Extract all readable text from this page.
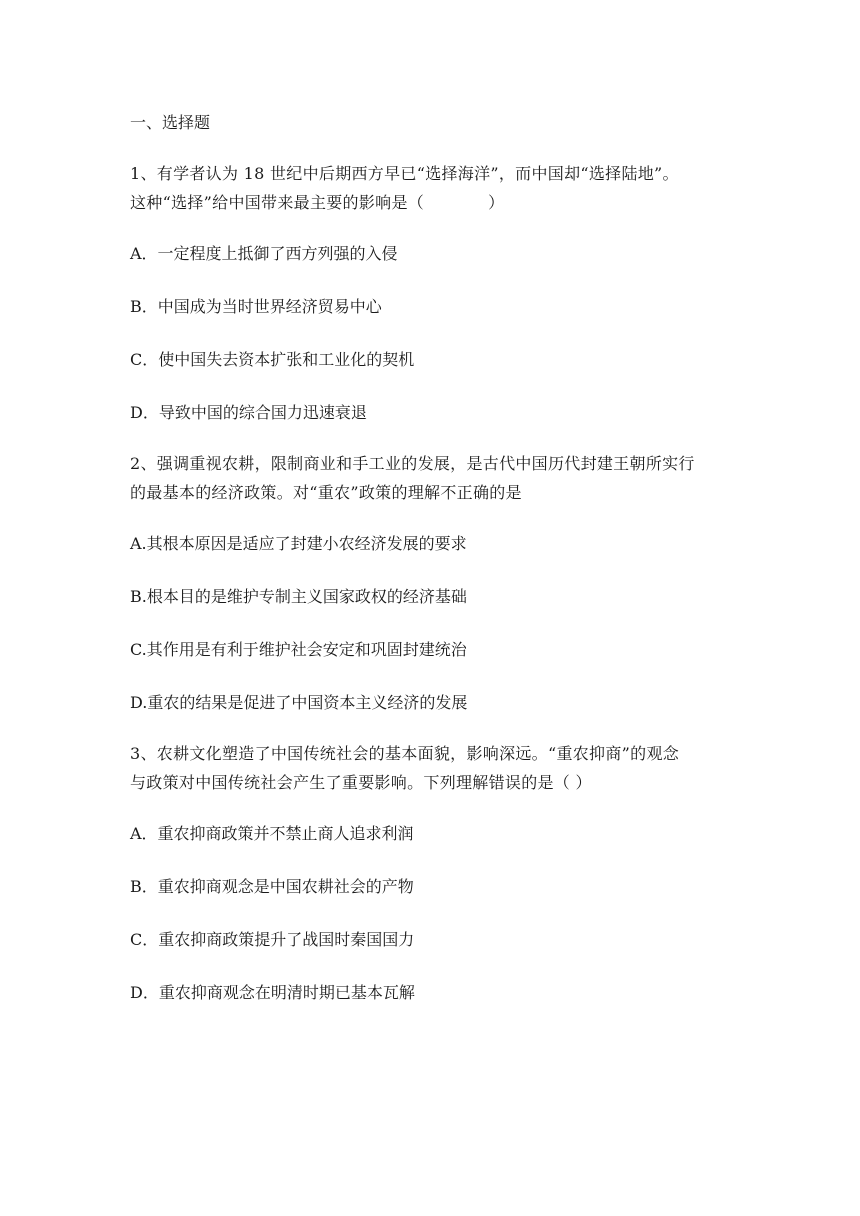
一、选择题

1、有学者认为 18 世纪中后期西方早已“选择海洋”，而中国却“选择陆地”。

这种“选择”给中国带来最主要的影响是（	）

A．一定程度上抵御了西方列强的入侵

B．中国成为当时世界经济贸易中心

C．使中国失去资本扩张和工业化的契机

D．导致中国的综合国力迅速衰退

2、强调重视农耕，限制商业和手工业的发展，是古代中国历代封建王朝所实行

的最基本的经济政策。对“重农”政策的理解不正确的是

A.其根本原因是适应了封建小农经济发展的要求

B.根本目的是维护专制主义国家政权的经济基础

C.其作用是有利于维护社会安定和巩固封建统治

D.重农的结果是促进了中国资本主义经济的发展

3、农耕文化塑造了中国传统社会的基本面貌，影响深远。“重农抑商”的观念

与政策对中国传统社会产生了重要影响。下列理解错误的是（ ）

A．重农抑商政策并不禁止商人追求利润

B．重农抑商观念是中国农耕社会的产物

C．重农抑商政策提升了战国时秦国国力

D．重农抑商观念在明清时期已基本瓦解
